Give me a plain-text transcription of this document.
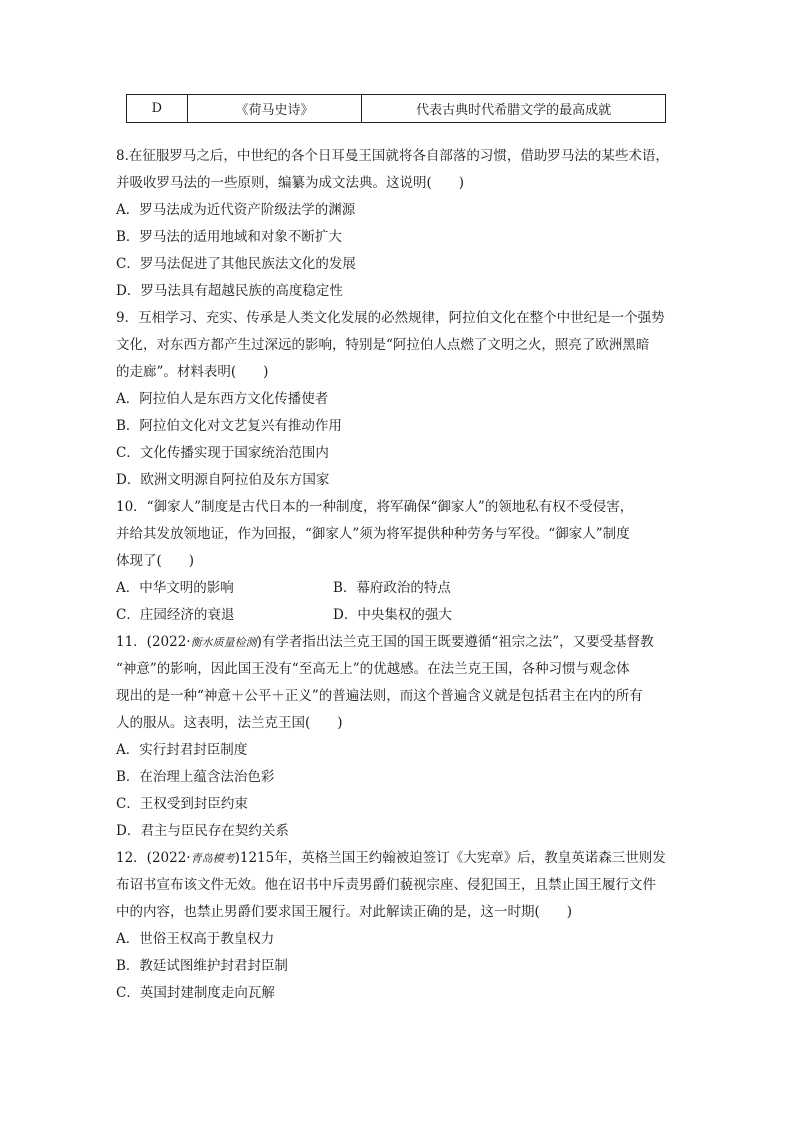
D	《荷马史诗》	代表古典时代希腊文学的最高成就
8.在征服罗马之后，中世纪的各个日耳曼王国就将各自部落的习惯，借助罗马法的某些术语，
并吸收罗马法的一些原则，编纂为成文法典。这说明(　　)
A．罗马法成为近代资产阶级法学的渊源
B．罗马法的适用地域和对象不断扩大
C．罗马法促进了其他民族法文化的发展
D．罗马法具有超越民族的高度稳定性
9．互相学习、充实、传承是人类文化发展的必然规律，阿拉伯文化在整个中世纪是一个强势
文化，对东西方都产生过深远的影响，特别是“阿拉伯人点燃了文明之火，照亮了欧洲黑暗
的走廊”。材料表明(　　)
A．阿拉伯人是东西方文化传播使者
B．阿拉伯文化对文艺复兴有推动作用
C．文化传播实现于国家统治范围内
D．欧洲文明源自阿拉伯及东方国家
10．“御家人”制度是古代日本的一种制度，将军确保“御家人”的领地私有权不受侵害，
并给其发放领地证，作为回报，“御家人”须为将军提供种种劳务与军役。“御家人”制度
体现了(　　)
A．中华文明的影响	B．幕府政治的特点
C．庄园经济的衰退	D．中央集权的强大
11．(2022·衡水质量检测)有学者指出法兰克王国的国王既要遵循“祖宗之法”，又要受基督教
“神意”的影响，因此国王没有“至高无上”的优越感。在法兰克王国，各种习惯与观念体
现出的是一种“神意＋公平＋正义”的普遍法则，而这个普遍含义就是包括君主在内的所有
人的服从。这表明，法兰克王国(　　)
A．实行封君封臣制度
B．在治理上蕴含法治色彩
C．王权受到封臣约束
D．君主与臣民存在契约关系
12．(2022·青岛模考)1215年，英格兰国王约翰被迫签订《大宪章》后，教皇英诺森三世则发
布诏书宣布该文件无效。他在诏书中斥责男爵们藐视宗座、侵犯国王，且禁止国王履行文件
中的内容，也禁止男爵们要求国王履行。对此解读正确的是，这一时期(　　)
A．世俗王权高于教皇权力
B．教廷试图维护封君封臣制
C．英国封建制度走向瓦解
